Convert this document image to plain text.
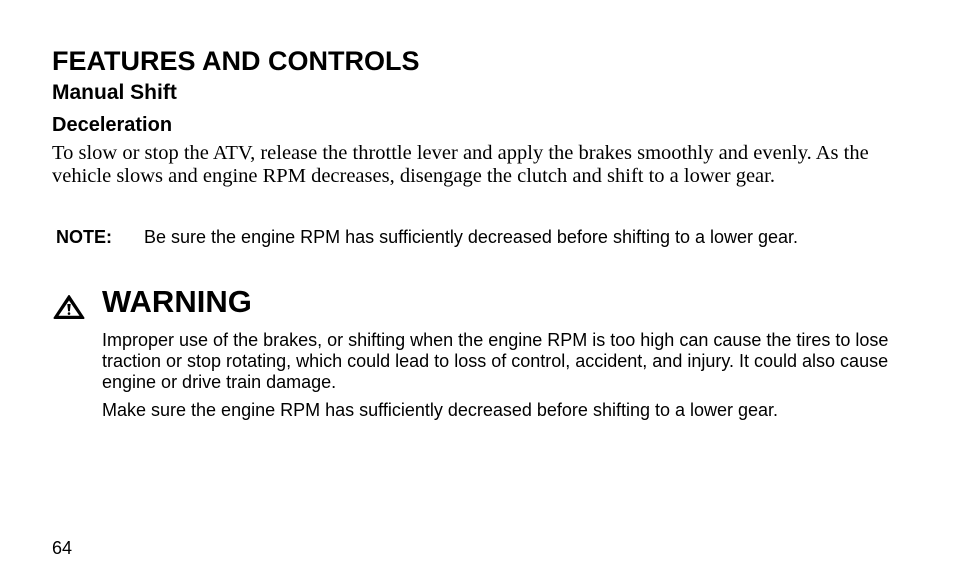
FEATURES AND CONTROLS
Manual Shift
Deceleration

To slow or stop the ATV, release the throttle lever and apply the brakes smoothly and evenly. As the vehicle slows and engine RPM decreases, disengage the clutch and shift to a lower gear.

NOTE: Be sure the engine RPM has sufficiently decreased before shifting to a lower gear.

WARNING

Improper use of the brakes, or shifting when the engine RPM is too high can cause the tires to lose traction or stop rotating, which could lead to loss of control, accident, and injury. It could also cause engine or drive train damage.

Make sure the engine RPM has sufficiently decreased before shifting to a lower gear.

64
